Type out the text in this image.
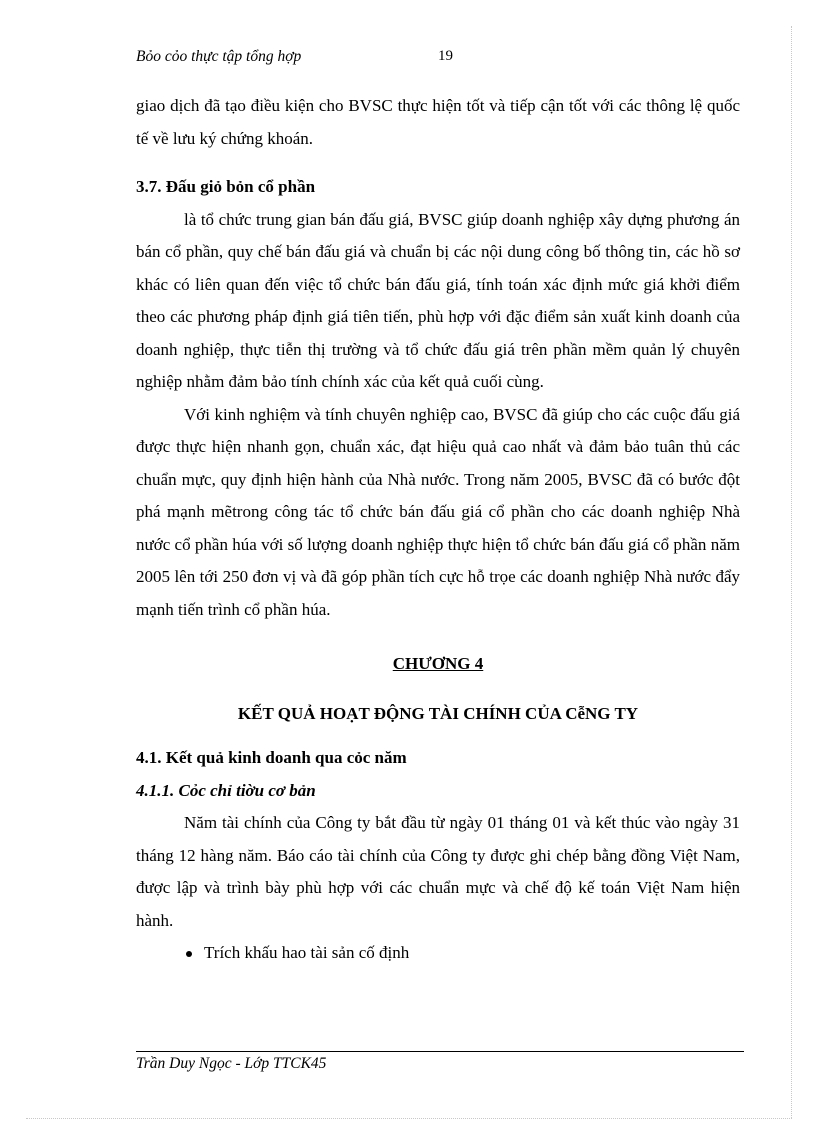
Bỏo cỏo thực tập tổng hợp	19

giao dịch đã tạo điều kiện cho BVSC thực hiện tốt và tiếp cận tốt với các thông lệ quốc tế về lưu ký chứng khoán.

3.7. Đấu giỏ bỏn cổ phần

là tổ chức trung gian bán đấu giá, BVSC giúp doanh nghiệp xây dựng phương án bán cổ phần, quy chế bán đấu giá và chuẩn bị các nội dung công bố thông tin, các hồ sơ khác có liên quan đến việc tổ chức bán đấu giá, tính toán xác định mức giá khởi điểm theo các phương pháp định giá tiên tiến, phù hợp với đặc điểm sản xuất kinh doanh của doanh nghiệp, thực tiễn thị trường và tổ chức đấu giá trên phần mềm quản lý chuyên nghiệp nhằm đảm bảo tính chính xác của kết quả cuối cùng.

Với kinh nghiệm và tính chuyên nghiệp cao, BVSC đã giúp cho các cuộc đấu giá được thực hiện nhanh gọn, chuẩn xác, đạt hiệu quả cao nhất và đảm bảo tuân thủ các chuẩn mực, quy định hiện hành của Nhà nước. Trong năm 2005, BVSC đã có bước đột phá mạnh mẽtrong công tác tổ chức bán đấu giá cổ phần cho các doanh nghiệp Nhà nước cổ phần húa với số lượng doanh nghiệp thực hiện tổ chức bán đấu giá cổ phần năm 2005 lên tới 250 đơn vị và đã góp phần tích cực hỗ trọe các doanh nghiệp Nhà nước đẩy mạnh tiến trình cổ phần húa.

CHƯƠNG 4

KẾT QUẢ HOẠT ĐỘNG TÀI CHÍNH CỦA CễNG TY

4.1. Kết quả kinh doanh qua cỏc năm

4.1.1. Cỏc chỉ tiờu cơ bản

Năm tài chính của Công ty bắt đầu từ ngày 01 tháng 01 và kết thúc vào ngày 31 tháng 12 hàng năm. Báo cáo tài chính của Công ty được ghi chép bằng đồng Việt Nam, được lập và trình bày phù hợp với các chuẩn mực và chế độ kế toán Việt Nam hiện hành.

Trích khấu hao tài sản cố định

Trần Duy Ngọc - Lớp TTCK45
